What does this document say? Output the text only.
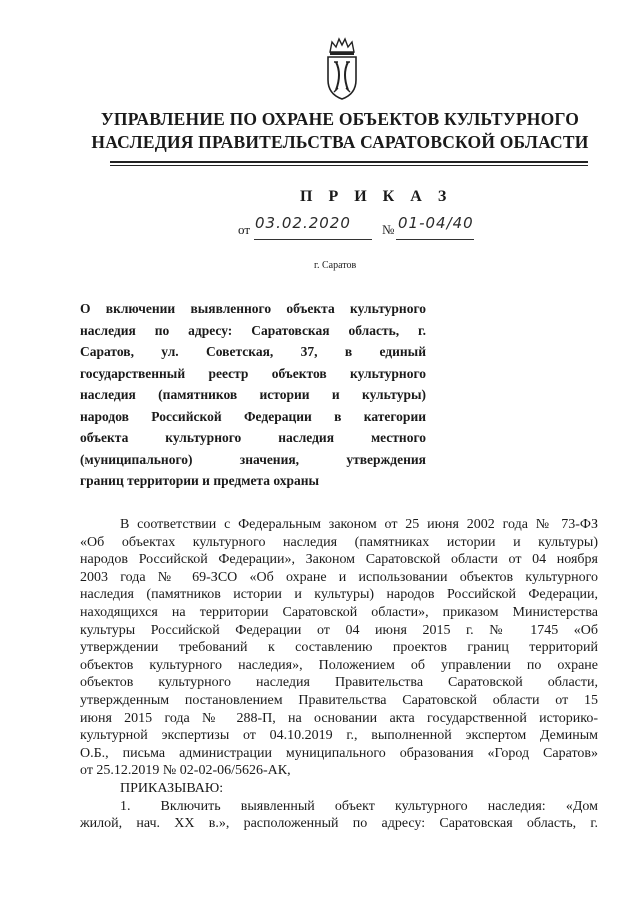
УПРАВЛЕНИЕ ПО ОХРАНЕ ОБЪЕКТОВ КУЛЬТУРНОГО
НАСЛЕДИЯ ПРАВИТЕЛЬСТВА САРАТОВСКОЙ ОБЛАСТИ
П Р И К А З
от 03.02.2020 № 01-04/40
г. Саратов
О включении выявленного объекта культурного
наследия по адресу: Саратовская область, г.
Саратов, ул. Советская, 37, в единый
государственный реестр объектов культурного
наследия (памятников истории и культуры)
народов Российской Федерации в категории
объекта культурного наследия местного
(муниципального) значения, утверждения
границ территории и предмета охраны
В соответствии с Федеральным законом от 25 июня 2002 года № 73-ФЗ
«Об объектах культурного наследия (памятниках истории и культуры)
народов Российской Федерации», Законом Саратовской области от 04 ноября
2003 года № 69-ЗСО «Об охране и использовании объектов культурного
наследия (памятников истории и культуры) народов Российской Федерации,
находящихся на территории Саратовской области», приказом Министерства
культуры Российской Федерации от 04 июня 2015 г. № 1745 «Об
утверждении требований к составлению проектов границ территорий
объектов культурного наследия», Положением об управлении по охране
объектов культурного наследия Правительства Саратовской области,
утвержденным постановлением Правительства Саратовской области от 15
июня 2015 года № 288-П, на основании акта государственной историко-
культурной экспертизы от 04.10.2019 г., выполненной экспертом Деминым
О.Б., письма администрации муниципального образования «Город Саратов»
от 25.12.2019 № 02-02-06/5626-АК,
ПРИКАЗЫВАЮ:
1. Включить выявленный объект культурного наследия: «Дом
жилой, нач. XX в.», расположенный по адресу: Саратовская область, г.
